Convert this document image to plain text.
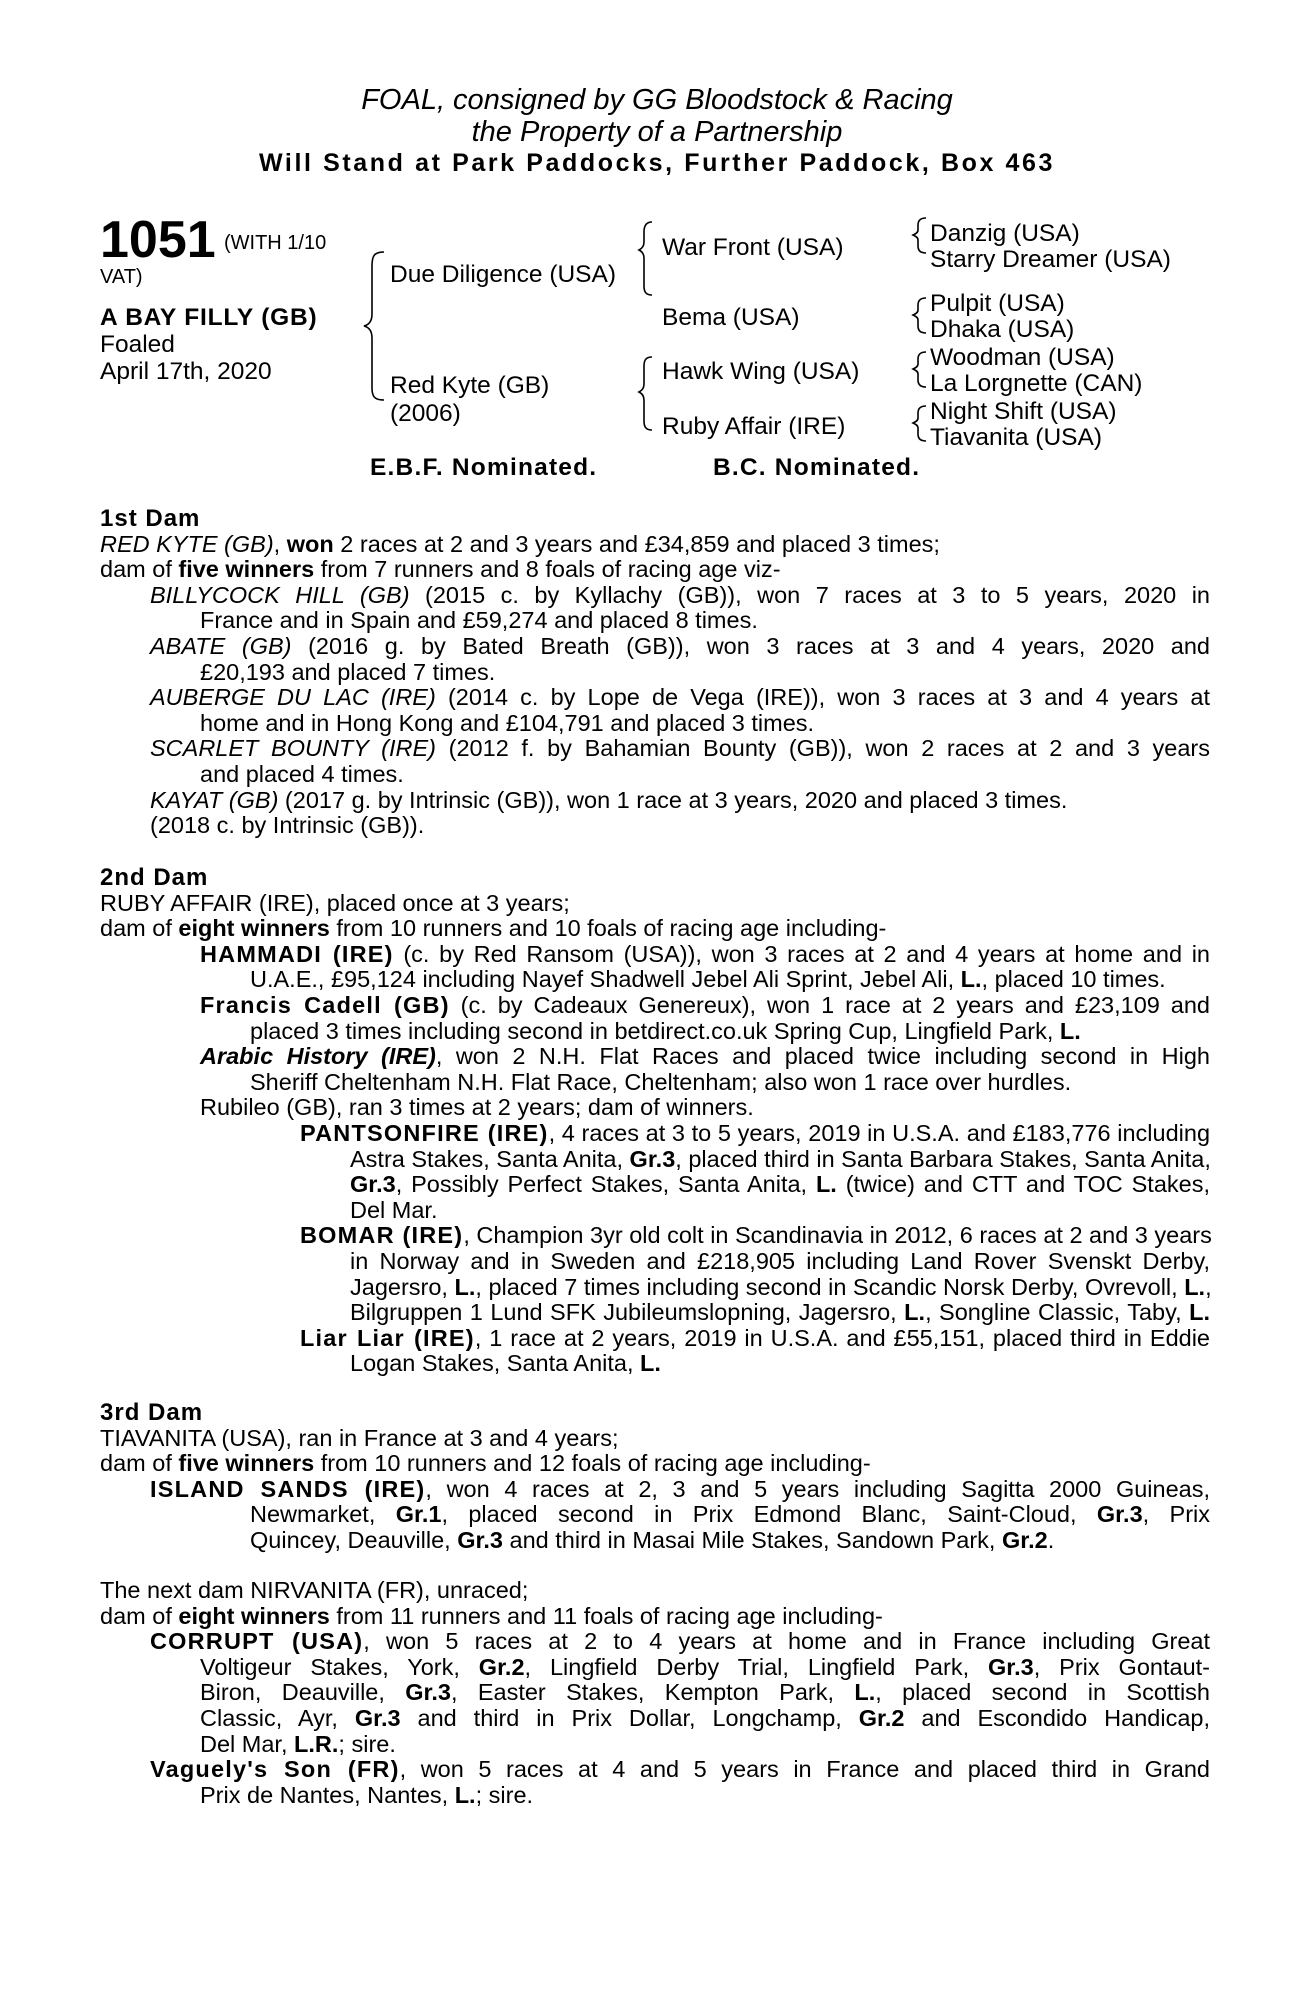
FOAL, consigned by GG Bloodstock & Racing
the Property of a Partnership
Will Stand at Park Paddocks, Further Paddock, Box 463
1051 (WITH 1/10
VAT)
A BAY FILLY (GB)
Foaled
April 17th, 2020
Due Diligence (USA)
Red Kyte (GB)
(2006)
War Front (USA)
Bema (USA)
Hawk Wing (USA)
Ruby Affair (IRE)
Danzig (USA)
Starry Dreamer (USA)
Pulpit (USA)
Dhaka (USA)
Woodman (USA)
La Lorgnette (CAN)
Night Shift (USA)
Tiavanita (USA)
E.B.F. Nominated.	B.C. Nominated.
1st Dam
RED KYTE (GB), won 2 races at 2 and 3 years and £34,859 and placed 3 times;
dam of five winners from 7 runners and 8 foals of racing age viz-
BILLYCOCK HILL (GB) (2015 c. by Kyllachy (GB)), won 7 races at 3 to 5 years, 2020 in
France and in Spain and £59,274 and placed 8 times.
ABATE (GB) (2016 g. by Bated Breath (GB)), won 3 races at 3 and 4 years, 2020 and
£20,193 and placed 7 times.
AUBERGE DU LAC (IRE) (2014 c. by Lope de Vega (IRE)), won 3 races at 3 and 4 years at
home and in Hong Kong and £104,791 and placed 3 times.
SCARLET BOUNTY (IRE) (2012 f. by Bahamian Bounty (GB)), won 2 races at 2 and 3 years
and placed 4 times.
KAYAT (GB) (2017 g. by Intrinsic (GB)), won 1 race at 3 years, 2020 and placed 3 times.
(2018 c. by Intrinsic (GB)).
2nd Dam
RUBY AFFAIR (IRE), placed once at 3 years;
dam of eight winners from 10 runners and 10 foals of racing age including-
HAMMADI (IRE) (c. by Red Ransom (USA)), won 3 races at 2 and 4 years at home and in
U.A.E., £95,124 including Nayef Shadwell Jebel Ali Sprint, Jebel Ali, L., placed 10 times.
Francis Cadell (GB) (c. by Cadeaux Genereux), won 1 race at 2 years and £23,109 and
placed 3 times including second in betdirect.co.uk Spring Cup, Lingfield Park, L.
Arabic History (IRE), won 2 N.H. Flat Races and placed twice including second in High
Sheriff Cheltenham N.H. Flat Race, Cheltenham; also won 1 race over hurdles.
Rubileo (GB), ran 3 times at 2 years; dam of winners.
PANTSONFIRE (IRE), 4 races at 3 to 5 years, 2019 in U.S.A. and £183,776 including
Astra Stakes, Santa Anita, Gr.3, placed third in Santa Barbara Stakes, Santa Anita,
Gr.3, Possibly Perfect Stakes, Santa Anita, L. (twice) and CTT and TOC Stakes,
Del Mar.
BOMAR (IRE), Champion 3yr old colt in Scandinavia in 2012, 6 races at 2 and 3 years
in Norway and in Sweden and £218,905 including Land Rover Svenskt Derby,
Jagersro, L., placed 7 times including second in Scandic Norsk Derby, Ovrevoll, L.,
Bilgruppen 1 Lund SFK Jubileumslopning, Jagersro, L., Songline Classic, Taby, L.
Liar Liar (IRE), 1 race at 2 years, 2019 in U.S.A. and £55,151, placed third in Eddie
Logan Stakes, Santa Anita, L.
3rd Dam
TIAVANITA (USA), ran in France at 3 and 4 years;
dam of five winners from 10 runners and 12 foals of racing age including-
ISLAND SANDS (IRE), won 4 races at 2, 3 and 5 years including Sagitta 2000 Guineas,
Newmarket, Gr.1, placed second in Prix Edmond Blanc, Saint-Cloud, Gr.3, Prix
Quincey, Deauville, Gr.3 and third in Masai Mile Stakes, Sandown Park, Gr.2.
The next dam NIRVANITA (FR), unraced;
dam of eight winners from 11 runners and 11 foals of racing age including-
CORRUPT (USA), won 5 races at 2 to 4 years at home and in France including Great
Voltigeur Stakes, York, Gr.2, Lingfield Derby Trial, Lingfield Park, Gr.3, Prix Gontaut-
Biron, Deauville, Gr.3, Easter Stakes, Kempton Park, L., placed second in Scottish
Classic, Ayr, Gr.3 and third in Prix Dollar, Longchamp, Gr.2 and Escondido Handicap,
Del Mar, L.R.; sire.
Vaguely's Son (FR), won 5 races at 4 and 5 years in France and placed third in Grand
Prix de Nantes, Nantes, L.; sire.
